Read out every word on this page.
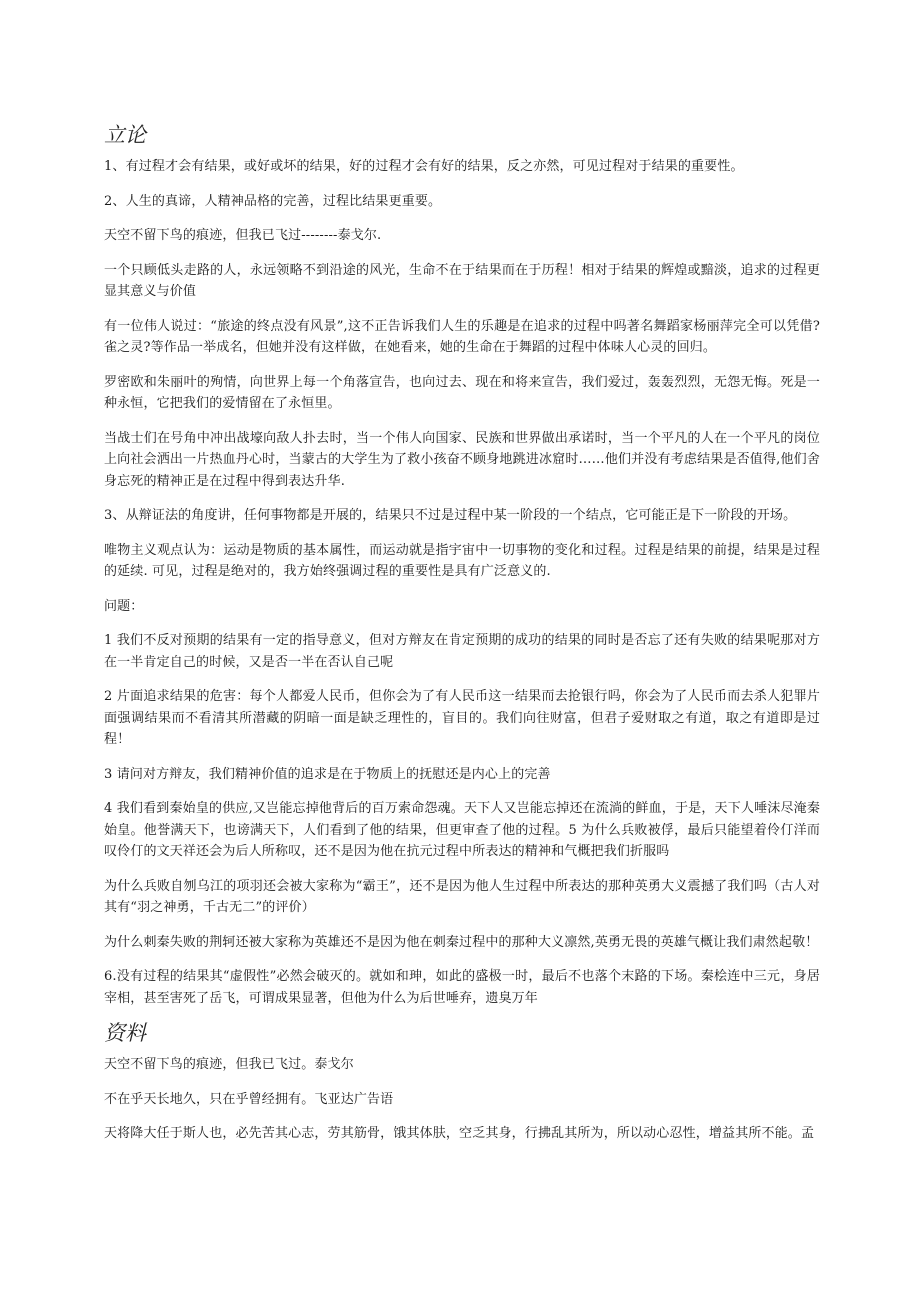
立论

1、有过程才会有结果，或好或坏的结果，好的过程才会有好的结果，反之亦然，可见过程对于结果的重要性。

2、人生的真谛，人精神品格的完善，过程比结果更重要。

天空不留下鸟的痕迹，但我已飞过--------泰戈尔.

一个只顾低头走路的人，永远领略不到沿途的风光，生命不在于结果而在于历程！相对于结果的辉煌或黯淡，追求的过程更显其意义与价值

有一位伟人说过：“旅途的终点没有风景”,这不正告诉我们人生的乐趣是在追求的过程中吗著名舞蹈家杨丽萍完全可以凭借?雀之灵?等作品一举成名，但她并没有这样做，在她看来，她的生命在于舞蹈的过程中体味人心灵的回归。

罗密欧和朱丽叶的殉情，向世界上每一个角落宣告，也向过去、现在和将来宣告，我们爱过，轰轰烈烈，无怨无悔。死是一种永恒，它把我们的爱情留在了永恒里。

当战士们在号角中冲出战壕向敌人扑去时，当一个伟人向国家、民族和世界做出承诺时，当一个平凡的人在一个平凡的岗位上向社会洒出一片热血丹心时，当蒙古的大学生为了救小孩奋不顾身地跳进冰窟时……他们并没有考虑结果是否值得,他们舍身忘死的精神正是在过程中得到表达升华.

3、从辩证法的角度讲，任何事物都是开展的，结果只不过是过程中某一阶段的一个结点，它可能正是下一阶段的开场。

唯物主义观点认为：运动是物质的基本属性，而运动就是指宇宙中一切事物的变化和过程。过程是结果的前提，结果是过程的延续. 可见，过程是绝对的，我方始终强调过程的重要性是具有广泛意义的.

问题：

1 我们不反对预期的结果有一定的指导意义，但对方辩友在肯定预期的成功的结果的同时是否忘了还有失败的结果呢那对方在一半肯定自己的时候，又是否一半在否认自己呢

2 片面追求结果的危害：每个人都爱人民币，但你会为了有人民币这一结果而去抢银行吗，你会为了人民币而去杀人犯罪片面强调结果而不看清其所潜藏的阴暗一面是缺乏理性的，盲目的。我们向往财富，但君子爱财取之有道，取之有道即是过程！

3 请问对方辩友，我们精神价值的追求是在于物质上的抚慰还是内心上的完善

4 我们看到秦始皇的供应,又岂能忘掉他背后的百万索命怨魂。天下人又岂能忘掉还在流淌的鲜血，于是，天下人唾沫尽淹秦始皇。他誉满天下，也谤满天下，人们看到了他的结果，但更审查了他的过程。5 为什么兵败被俘，最后只能望着伶仃洋而叹伶仃的文天祥还会为后人所称叹，还不是因为他在抗元过程中所表达的精神和气概把我们折服吗

为什么兵败自刎乌江的项羽还会被大家称为“霸王”，还不是因为他人生过程中所表达的那种英勇大义震撼了我们吗（古人对其有“羽之神勇，千古无二”的评价）

为什么刺秦失败的荆轲还被大家称为英雄还不是因为他在刺秦过程中的那种大义凛然,英勇无畏的英雄气概让我们肃然起敬！

6.没有过程的结果其“虚假性”必然会破灭的。就如和珅，如此的盛极一时，最后不也落个末路的下场。秦桧连中三元，身居宰相，甚至害死了岳飞，可谓成果显著，但他为什么为后世唾弃，遗臭万年

资料

天空不留下鸟的痕迹，但我已飞过。泰戈尔

不在乎天长地久，只在乎曾经拥有。飞亚达广告语

天将降大任于斯人也，必先苦其心志，劳其筋骨，饿其体肤，空乏其身，行拂乱其所为，所以动心忍性，增益其所不能。孟
